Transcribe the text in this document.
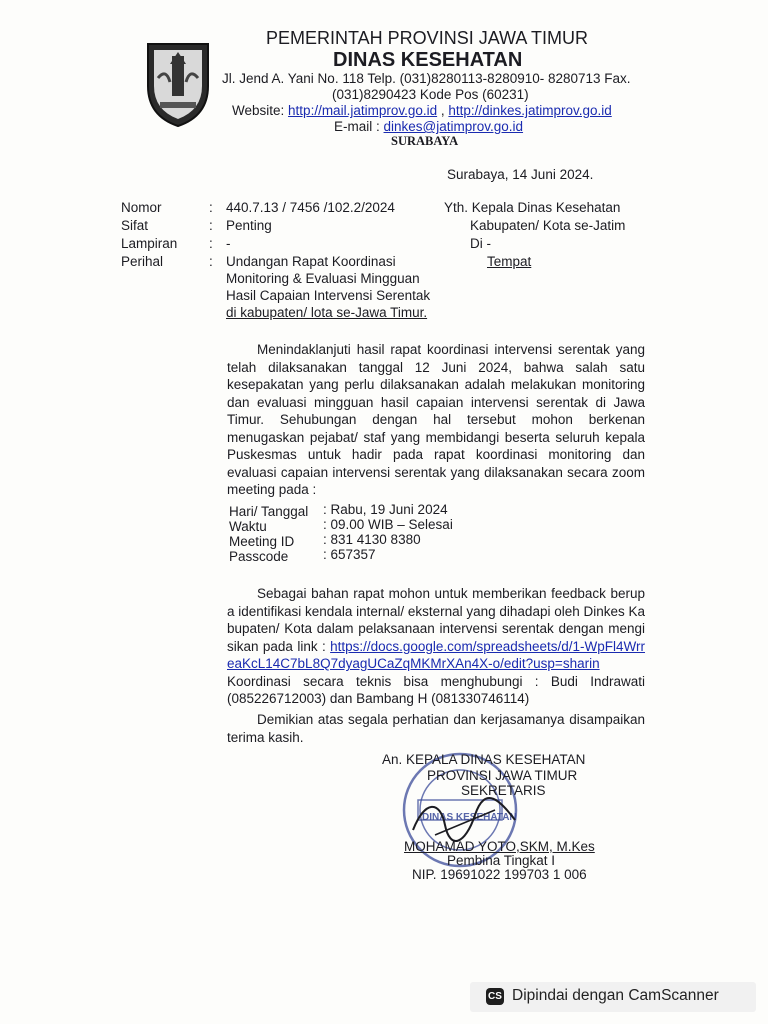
PEMERINTAH PROVINSI JAWA TIMUR
DINAS KESEHATAN
Jl. Jend A. Yani No. 118 Telp. (031)8280113-8280910- 8280713 Fax.
(031)8290423 Kode Pos (60231)
Website: http://mail.jatimprov.go.id , http://dinkes.jatimprov.go.id
E-mail : dinkes@jatimprov.go.id
SURABAYA
Surabaya, 14 Juni 2024.
Nomor	: 440.7.13 / 7456 /102.2/2024
Sifat	: Penting
Lampiran : -
Perihal	: Undangan Rapat Koordinasi
Monitoring & Evaluasi Mingguan
Hasil Capaian Intervensi Serentak
di kabupaten/ lota se-Jawa Timur.
Yth. Kepala Dinas Kesehatan
Kabupaten/ Kota se-Jatim
Di -
Tempat
Menindaklanjuti hasil rapat koordinasi intervensi serentak yang telah dilaksanakan tanggal 12 Juni 2024, bahwa salah satu kesepakatan yang perlu dilaksanakan adalah melakukan monitoring dan evaluasi mingguan hasil capaian intervensi serentak di Jawa Timur. Sehubungan dengan hal tersebut mohon berkenan menugaskan pejabat/ staf yang membidangi beserta seluruh kepala Puskesmas untuk hadir pada rapat koordinasi monitoring dan evaluasi capaian intervensi serentak yang dilaksanakan secara zoom meeting pada :
Hari/ Tanggal : Rabu, 19 Juni 2024
Waktu	: 09.00 WIB – Selesai
Meeting ID : 831 4130 8380
Passcode	: 657357
Sebagai bahan rapat mohon untuk memberikan feedback berupa identifikasi kendala internal/ eksternal yang dihadapi oleh Dinkes Kabupaten/ Kota dalam pelaksanaan intervensi serentak dengan mengisikan pada link : https://docs.google.com/spreadsheets/d/1-WpFl4WrreaKcL14C7bL8Q7dyagUCaZqMKMrXAn4X-o/edit?usp=sharin Koordinasi secara teknis bisa menghubungi : Budi Indrawati (085226712003) dan Bambang H (081330746114)
Demikian atas segala perhatian dan kerjasamanya disampaikan terima kasih.
DINAS KESEHATAN
An. KEPALA DINAS KESEHATAN
PROVINSI JAWA TIMUR
SEKRETARIS
MOHAMAD YOTO,SKM, M.Kes
Pembina Tingkat I
NIP. 19691022 199703 1 006
CS Dipindai dengan CamScanner
